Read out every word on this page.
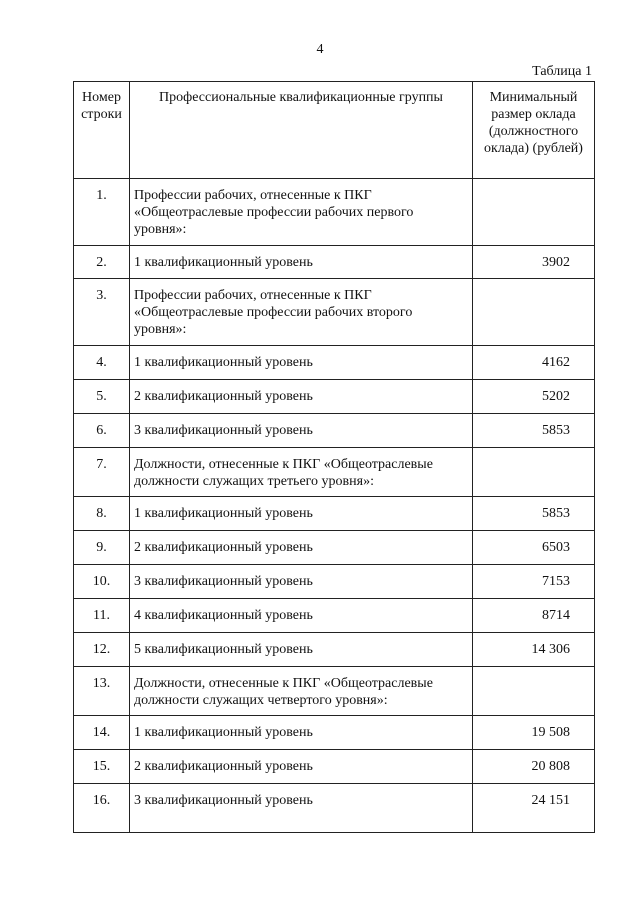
4
Таблица 1
Номер строки	Профессиональные квалификационные группы	Минимальный размер оклада (должностного оклада) (рублей)
1.	Профессии рабочих, отнесенные к ПКГ «Общеотраслевые профессии рабочих первого уровня»:	
2.	1 квалификационный уровень	3902
3.	Профессии рабочих, отнесенные к ПКГ «Общеотраслевые профессии рабочих второго уровня»:	
4.	1 квалификационный уровень	4162
5.	2 квалификационный уровень	5202
6.	3 квалификационный уровень	5853
7.	Должности, отнесенные к ПКГ «Общеотраслевые должности служащих третьего уровня»:	
8.	1 квалификационный уровень	5853
9.	2 квалификационный уровень	6503
10.	3 квалификационный уровень	7153
11.	4 квалификационный уровень	8714
12.	5 квалификационный уровень	14 306
13.	Должности, отнесенные к ПКГ «Общеотраслевые должности служащих четвертого уровня»:	
14.	1 квалификационный уровень	19 508
15.	2 квалификационный уровень	20 808
16.	3 квалификационный уровень	24 151
